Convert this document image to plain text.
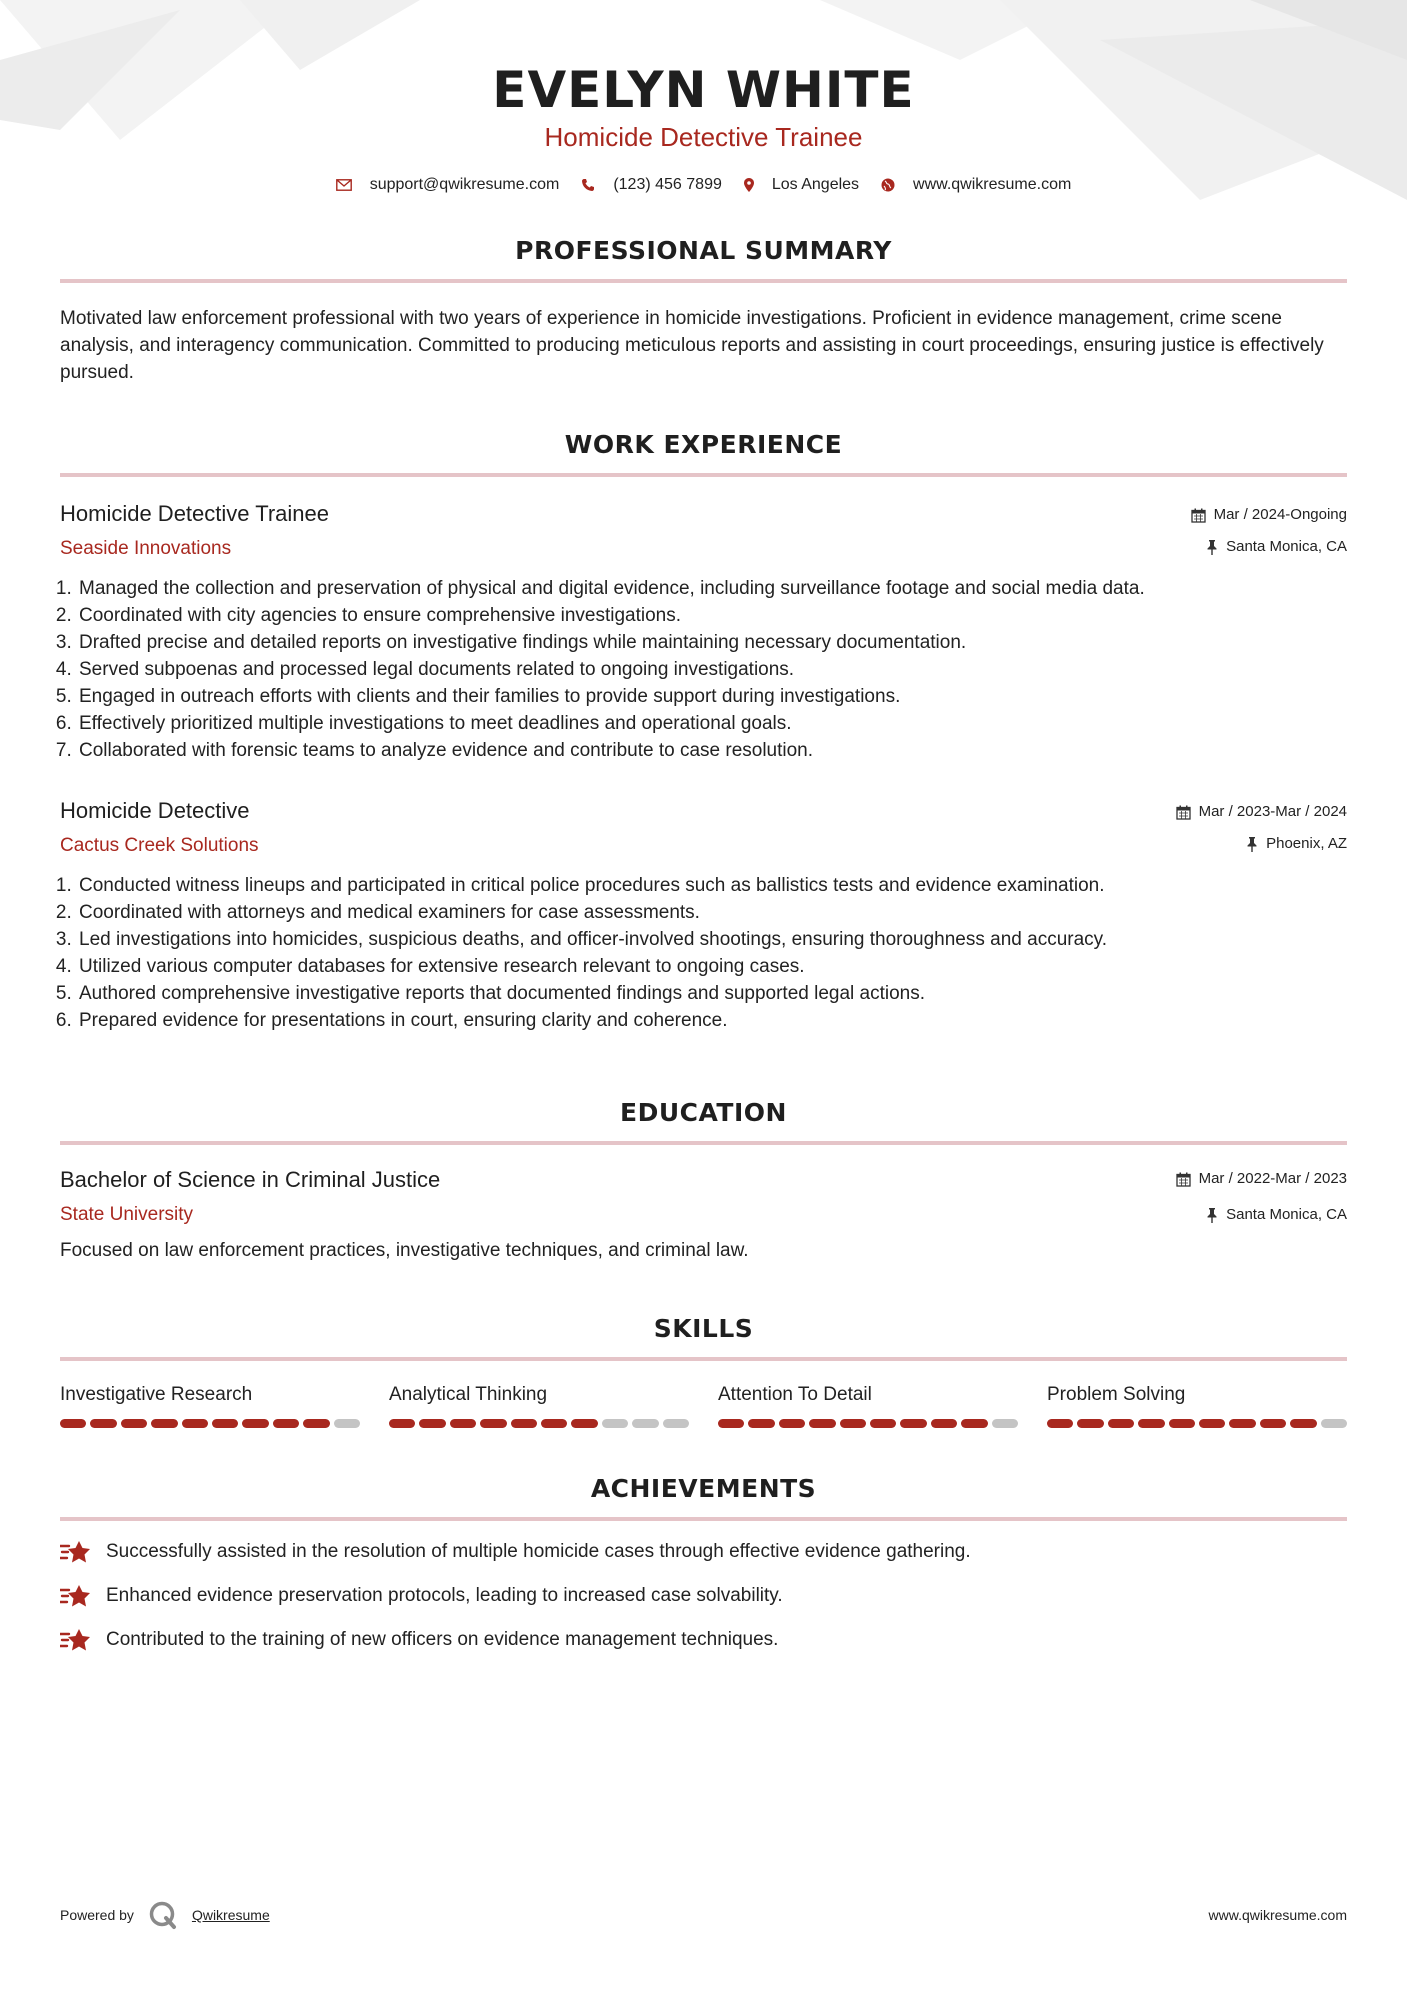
EVELYN WHITE
Homicide Detective Trainee
support@qwikresume.com	(123) 456 7899	Los Angeles	www.qwikresume.com
PROFESSIONAL SUMMARY

Motivated law enforcement professional with two years of experience in homicide investigations. Proficient in evidence management, crime scene analysis, and interagency communication. Committed to producing meticulous reports and assisting in court proceedings, ensuring justice is effectively pursued.

WORK EXPERIENCE
Homicide Detective Trainee
Seaside Innovations
Mar / 2024-Ongoing
Santa Monica, CA
1. Managed the collection and preservation of physical and digital evidence, including surveillance footage and social media data.
2. Coordinated with city agencies to ensure comprehensive investigations.
3. Drafted precise and detailed reports on investigative findings while maintaining necessary documentation.
4. Served subpoenas and processed legal documents related to ongoing investigations.
5. Engaged in outreach efforts with clients and their families to provide support during investigations.
6. Effectively prioritized multiple investigations to meet deadlines and operational goals.
7. Collaborated with forensic teams to analyze evidence and contribute to case resolution.
Homicide Detective
Cactus Creek Solutions
Mar / 2023-Mar / 2024
Phoenix, AZ
1. Conducted witness lineups and participated in critical police procedures such as ballistics tests and evidence examination.
2. Coordinated with attorneys and medical examiners for case assessments.
3. Led investigations into homicides, suspicious deaths, and officer-involved shootings, ensuring thoroughness and accuracy.
4. Utilized various computer databases for extensive research relevant to ongoing cases.
5. Authored comprehensive investigative reports that documented findings and supported legal actions.
6. Prepared evidence for presentations in court, ensuring clarity and coherence.
EDUCATION
Bachelor of Science in Criminal Justice
State University
Mar / 2022-Mar / 2023
Santa Monica, CA

Focused on law enforcement practices, investigative techniques, and criminal law.

SKILLS
Investigative Research	Analytical Thinking	Attention To Detail	Problem Solving
ACHIEVEMENTS
Successfully assisted in the resolution of multiple homicide cases through effective evidence gathering.
Enhanced evidence preservation protocols, leading to increased case solvability.
Contributed to the training of new officers on evidence management techniques.
Powered by	Qwikresume	www.qwikresume.com
